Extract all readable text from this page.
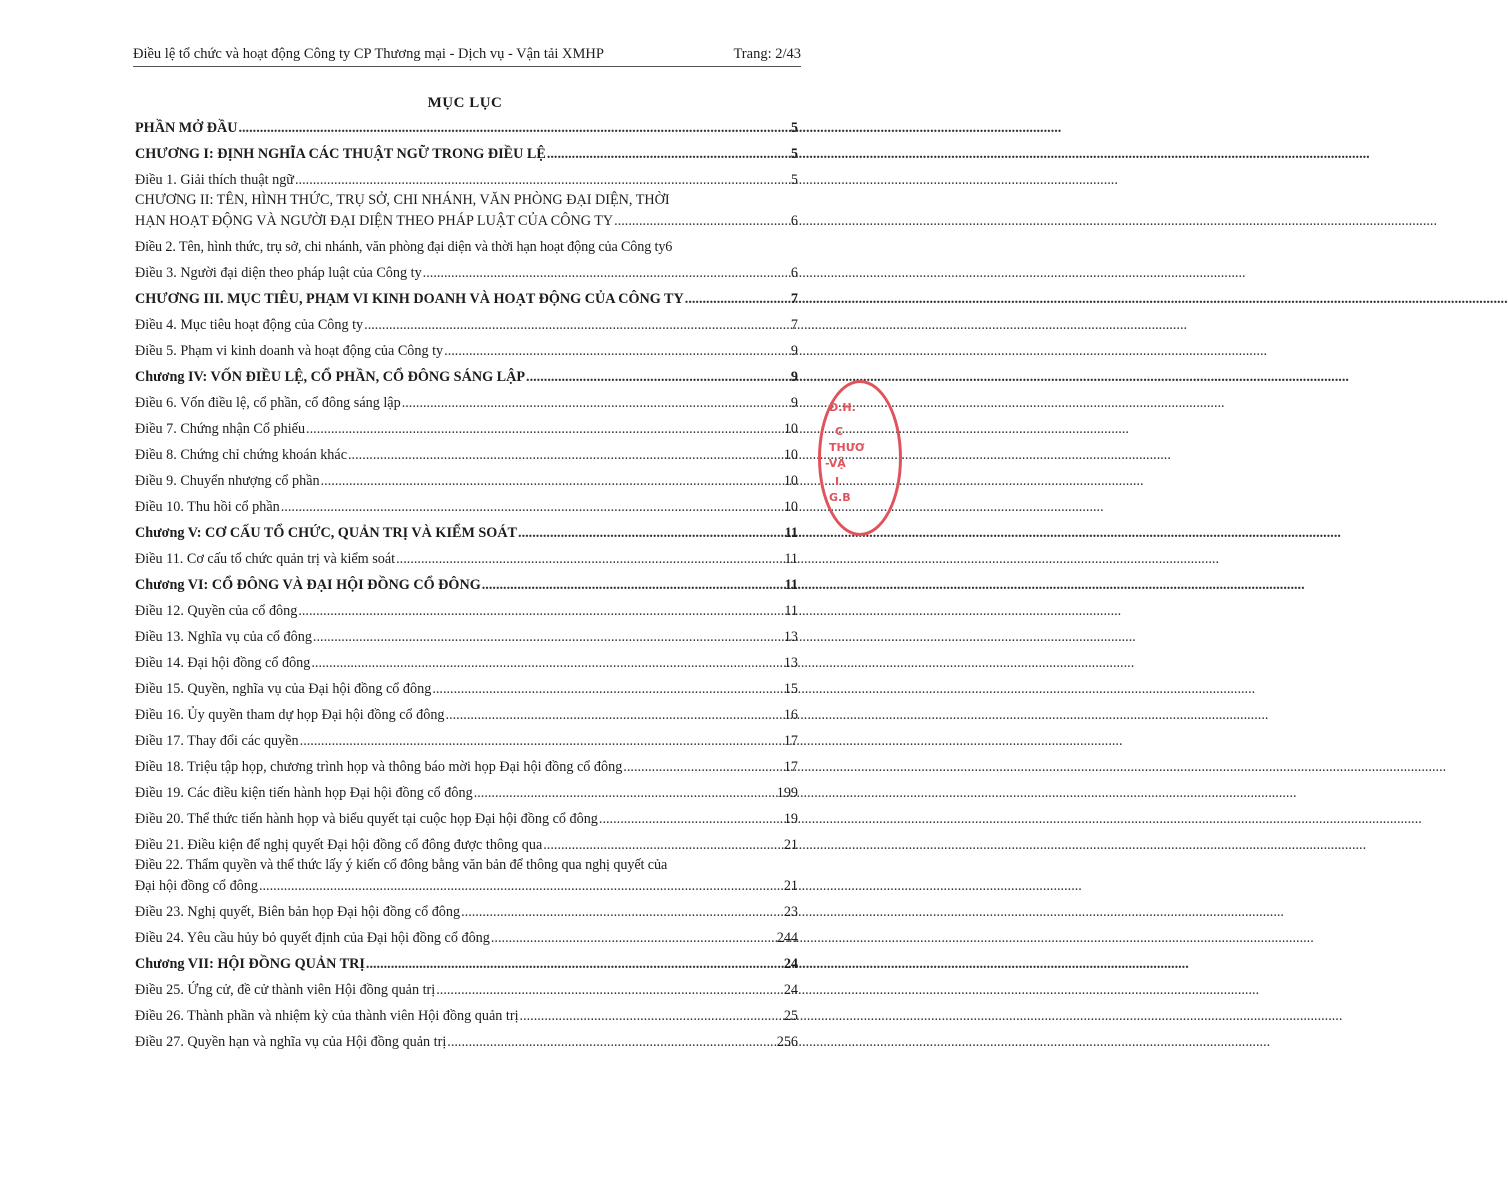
Điều lệ tổ chức và hoạt động Công ty CP Thương mại - Dịch vụ - Vận tải XMHP	Trang: 2/43
MỤC LỤC
PHẦN MỞ ĐẦU .....	5
CHƯƠNG I: ĐỊNH NGHĨA CÁC THUẬT NGỮ TRONG ĐIỀU LỆ .....	5
Điều 1. Giải thích thuật ngữ .....	5
CHƯƠNG II: TÊN, HÌNH THỨC, TRỤ SỞ, CHI NHÁNH, VĂN PHÒNG ĐẠI DIỆN, THỜI
HẠN HOẠT ĐỘNG VÀ NGƯỜI ĐẠI DIỆN THEO PHÁP LUẬT CỦA CÔNG TY .....	6
Điều 2. Tên, hình thức, trụ sở, chi nhánh, văn phòng đại diện và thời hạn hoạt động của Công ty 6
Điều 3. Người đại diện theo pháp luật của Công ty .....	6
CHƯƠNG III. MỤC TIÊU, PHẠM VI KINH DOANH VÀ HOẠT ĐỘNG CỦA CÔNG TY .....	7
Điều 4. Mục tiêu hoạt động của Công ty .....	7
Điều 5. Phạm vi kinh doanh và hoạt động của Công ty .....	9
Chương IV: VỐN ĐIỀU LỆ, CỔ PHẦN, CỔ ĐÔNG SÁNG LẬP .....	9
Điều 6. Vốn điều lệ, cổ phần, cổ đông sáng lập .....	9
Điều 7. Chứng nhận Cổ phiếu .....	10
Điều 8. Chứng chỉ chứng khoán khác .....	10
Điều 9. Chuyển nhượng cổ phần .....	10
Điều 10. Thu hồi cổ phần .....	10
Chương V: CƠ CẤU TỔ CHỨC, QUẢN TRỊ VÀ KIỂM SOÁT .....	11
Điều 11. Cơ cấu tổ chức quản trị và kiểm soát .....	11
Chương VI: CỔ ĐÔNG VÀ ĐẠI HỘI ĐỒNG CỔ ĐÔNG .....	11
Điều 12. Quyền của cổ đông .....	11
Điều 13. Nghĩa vụ của cổ đông .....	13
Điều 14. Đại hội đồng cổ đông .....	13
Điều 15. Quyền, nghĩa vụ của Đại hội đồng cổ đông .....	15
Điều 16. Ủy quyền tham dự họp Đại hội đồng cổ đông .....	16
Điều 17. Thay đổi các quyền .....	17
Điều 18. Triệu tập họp, chương trình họp và thông báo mời họp Đại hội đồng cổ đông .....	17
Điều 19. Các điều kiện tiến hành họp Đại hội đồng cổ đông .....	199
Điều 20. Thể thức tiến hành họp và biểu quyết tại cuộc họp Đại hội đồng cổ đông .....	19
Điều 21. Điều kiện để nghị quyết Đại hội đồng cổ đông được thông qua .....	21
Điều 22. Thẩm quyền và thể thức lấy ý kiến cổ đông bằng văn bản để thông qua nghị quyết của
Đại hội đồng cổ đông .....	21
Điều 23. Nghị quyết, Biên bản họp Đại hội đồng cổ đông .....	23
Điều 24. Yêu cầu hủy bỏ quyết định của Đại hội đồng cổ đông .....	244
Chương VII: HỘI ĐỒNG QUẢN TRỊ .....	24
Điều 25. Ứng cử, đề cử thành viên Hội đồng quản trị .....	24
Điều 26. Thành phần và nhiệm kỳ của thành viên Hội đồng quản trị .....	25
Điều 27. Quyền hạn và nghĩa vụ của Hội đồng quản trị .....	256
Đ.H.
C
THƯƠ
-VẬ
I
G.B
